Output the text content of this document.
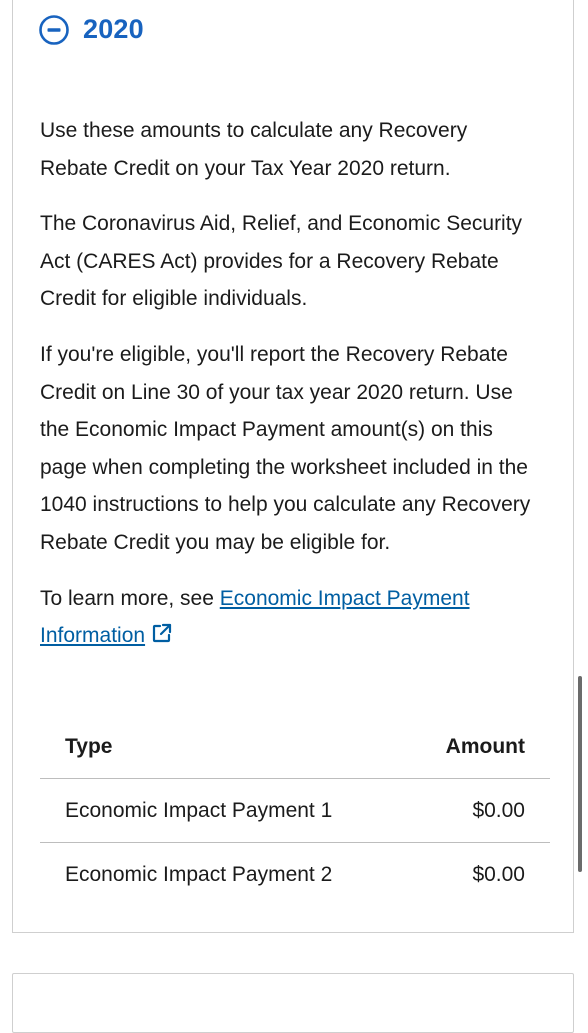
2020

Use these amounts to calculate any Recovery Rebate Credit on your Tax Year 2020 return.

The Coronavirus Aid, Relief, and Economic Security Act (CARES Act) provides for a Recovery Rebate Credit for eligible individuals.

If you're eligible, you'll report the Recovery Rebate Credit on Line 30 of your tax year 2020 return. Use the Economic Impact Payment amount(s) on this page when completing the worksheet included in the 1040 instructions to help you calculate any Recovery Rebate Credit you may be eligible for.

To learn more, see Economic Impact Payment Information

Type	Amount
Economic Impact Payment 1	$0.00
Economic Impact Payment 2	$0.00
